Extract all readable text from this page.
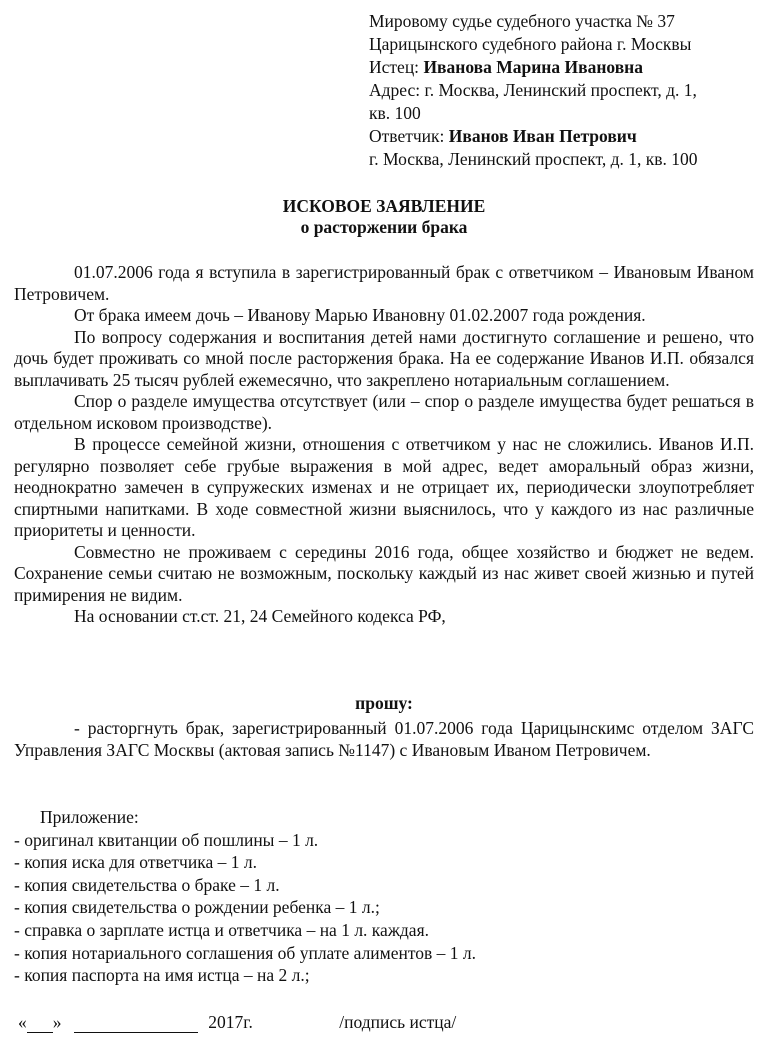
Мировому судье судебного участка № 37
Царицынского судебного района г. Москвы
Истец: Иванова Марина Ивановна
Адрес: г. Москва, Ленинский проспект, д. 1,
кв. 100
Ответчик: Иванов Иван Петрович
г. Москва, Ленинский проспект, д. 1, кв. 100
ИСКОВОЕ ЗАЯВЛЕНИЕ
о расторжении брака

01.07.2006 года я вступила в зарегистрированный брак с ответчиком – Ивановым Иваном Петровичем.

От брака имеем дочь – Иванову Марью Ивановну 01.02.2007 года рождения.

По вопросу содержания и воспитания детей нами достигнуто соглашение и решено, что дочь будет проживать со мной после расторжения брака. На ее содержание Иванов И.П. обязался выплачивать 25 тысяч рублей ежемесячно, что закреплено нотариальным соглашением.

Спор о разделе имущества отсутствует (или – спор о разделе имущества будет решаться в отдельном исковом производстве).

В процессе семейной жизни, отношения с ответчиком у нас не сложились. Иванов И.П. регулярно позволяет себе грубые выражения в мой адрес, ведет аморальный образ жизни, неоднократно замечен в супружеских изменах и не отрицает их, периодически злоупотребляет спиртными напитками. В ходе совместной жизни выяснилось, что у каждого из нас различные приоритеты и ценности.

Совместно не проживаем с середины 2016 года, общее хозяйство и бюджет не ведем. Сохранение семьи считаю не возможным, поскольку каждый из нас живет своей жизнью и путей примирения не видим.

На основании ст.ст. 21, 24 Семейного кодекса РФ,

прошу:

- расторгнуть брак, зарегистрированный 01.07.2006 года Царицынскимс отделом ЗАГС Управления ЗАГС Москвы (актовая запись №1147) с Ивановым Иваном Петровичем.

Приложение:
- оригинал квитанции об пошлины – 1 л.
- копия иска для ответчика – 1 л.
- копия свидетельства о браке – 1 л.
- копия свидетельства о рождении ребенка – 1 л.;
- справка о зарплате истца и ответчика – на 1 л. каждая.
- копия нотариального соглашения об уплате алиментов – 1 л.
- копия паспорта на имя истца – на 2 л.;
« »	2017г.	/подпись истца/
